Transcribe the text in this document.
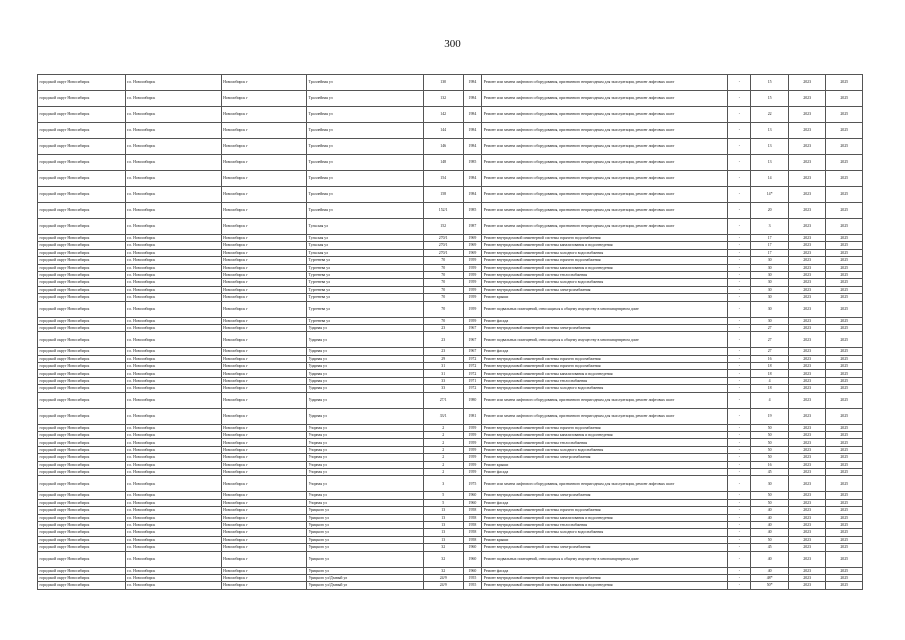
300
городской округ Новосибирск	г.о. Новосибирск	Новосибирск г	Троллейная ул	130	1984	Ремонт или замена лифтового оборудования, признанного непригодным для эксплуатации, ремонт лифтовых шахт	-	15	2023	2025
городской округ Новосибирск	г.о. Новосибирск	Новосибирск г	Троллейная ул	132	1984	Ремонт или замена лифтового оборудования, признанного непригодным для эксплуатации, ремонт лифтовых шахт	-	15	2023	2025
городской округ Новосибирск	г.о. Новосибирск	Новосибирск г	Троллейная ул	142	1984	Ремонт или замена лифтового оборудования, признанного непригодным для эксплуатации, ремонт лифтовых шахт	-	22	2023	2025
городской округ Новосибирск	г.о. Новосибирск	Новосибирск г	Троллейная ул	144	1984	Ремонт или замена лифтового оборудования, признанного непригодным для эксплуатации, ремонт лифтовых шахт	-	13	2023	2025
городской округ Новосибирск	г.о. Новосибирск	Новосибирск г	Троллейная ул	146	1984	Ремонт или замена лифтового оборудования, признанного непригодным для эксплуатации, ремонт лифтовых шахт	-	13	2023	2025
городской округ Новосибирск	г.о. Новосибирск	Новосибирск г	Троллейная ул	148	1985	Ремонт или замена лифтового оборудования, признанного непригодным для эксплуатации, ремонт лифтовых шахт	-	13	2023	2025
городской округ Новосибирск	г.о. Новосибирск	Новосибирск г	Троллейная ул	154	1984	Ремонт или замена лифтового оборудования, признанного непригодным для эксплуатации, ремонт лифтовых шахт	-	14	2023	2025
городской округ Новосибирск	г.о. Новосибирск	Новосибирск г	Троллейная ул	158	1984	Ремонт или замена лифтового оборудования, признанного непригодным для эксплуатации, ремонт лифтовых шахт	-	14*	2023	2025
городской округ Новосибирск	г.о. Новосибирск	Новосибирск г	Троллейная ул	152/1	1985	Ремонт или замена лифтового оборудования, признанного непригодным для эксплуатации, ремонт лифтовых шахт	-	20	2023	2025
городской округ Новосибирск	г.о. Новосибирск	Новосибирск г	Тульская ул	152	1987	Ремонт или замена лифтового оборудования, признанного непригодным для эксплуатации, ремонт лифтовых шахт	-	3	2023	2025
городской округ Новосибирск	г.о. Новосибирск	Новосибирск г	Тульская ул	270/1	1969	Ремонт внутридомовой инженерной системы горячего водоснабжения	-	17	2023	2025
городской округ Новосибирск	г.о. Новосибирск	Новосибирск г	Тульская ул	270/1	1969	Ремонт внутридомовой инженерной системы канализования и водоотведения	-	17	2023	2025
городской округ Новосибирск	г.о. Новосибирск	Новосибирск г	Тульская ул	270/1	1969	Ремонт внутридомовой инженерной системы холодного водоснабжения	-	17	2023	2025
городской округ Новосибирск	г.о. Новосибирск	Новосибирск г	Тургенева ул	70	1959	Ремонт внутридомовой инженерной системы горячего водоснабжения	-	30	2023	2025
городской округ Новосибирск	г.о. Новосибирск	Новосибирск г	Тургенева ул	70	1959	Ремонт внутридомовой инженерной системы канализования и водоотведения	-	30	2023	2025
городской округ Новосибирск	г.о. Новосибирск	Новосибирск г	Тургенева ул	70	1959	Ремонт внутридомовой инженерной системы теплоснабжения	-	30	2023	2025
городской округ Новосибирск	г.о. Новосибирск	Новосибирск г	Тургенева ул	70	1959	Ремонт внутридомовой инженерной системы холодного водоснабжения	-	30	2023	2025
городской округ Новосибирск	г.о. Новосибирск	Новосибирск г	Тургенева ул	70	1959	Ремонт внутридомовой инженерной системы электроснабжения	-	30	2023	2025
городской округ Новосибирск	г.о. Новосибирск	Новосибирск г	Тургенева ул	70	1959	Ремонт крыши	-	30	2023	2025
городской округ Новосибирск	г.о. Новосибирск	Новосибирск г	Тургенева ул	70	1959	Ремонт подвальных помещений, относящихся к общему имуществу в многоквартирном доме	-	30	2023	2025
городской округ Новосибирск	г.о. Новосибирск	Новосибирск г	Тургенева ул	70	1959	Ремонт фасада	-	30	2023	2025
городской округ Новосибирск	г.о. Новосибирск	Новосибирск г	Ударная ул	23	1967	Ремонт внутридомовой инженерной системы электроснабжения	-	27	2023	2025
городской округ Новосибирск	г.о. Новосибирск	Новосибирск г	Ударная ул	23	1967	Ремонт подвальных помещений, относящихся к общему имуществу в многоквартирном доме	-	27	2023	2025
городской округ Новосибирск	г.о. Новосибирск	Новосибирск г	Ударная ул	23	1967	Ремонт фасада	-	27	2023	2025
городской округ Новосибирск	г.о. Новосибирск	Новосибирск г	Ударная ул	29	1972	Ремонт внутридомовой инженерной системы горячего водоснабжения	-	16	2023	2025
городской округ Новосибирск	г.о. Новосибирск	Новосибирск г	Ударная ул	31	1972	Ремонт внутридомовой инженерной системы горячего водоснабжения	-	18	2023	2025
городской округ Новосибирск	г.о. Новосибирск	Новосибирск г	Ударная ул	31	1972	Ремонт внутридомовой инженерной системы канализования и водоотведения	-	18	2023	2025
городской округ Новосибирск	г.о. Новосибирск	Новосибирск г	Ударная ул	33	1971	Ремонт внутридомовой инженерной системы теплоснабжения	-	4	2023	2025
городской округ Новосибирск	г.о. Новосибирск	Новосибирск г	Ударная ул	33	1972	Ремонт внутридомовой инженерной системы холодного водоснабжения	-	18	2023	2025
городской округ Новосибирск	г.о. Новосибирск	Новосибирск г	Ударная ул	27/1	1980	Ремонт или замена лифтового оборудования, признанного непригодным для эксплуатации, ремонт лифтовых шахт	-	4	2023	2025
городской округ Новосибирск	г.о. Новосибирск	Новосибирск г	Ударная ул	33/1	1981	Ремонт или замена лифтового оборудования, признанного непригодным для эксплуатации, ремонт лифтовых шахт	-	19	2023	2025
городской округ Новосибирск	г.о. Новосибирск	Новосибирск г	Узорная ул	2	1959	Ремонт внутридомовой инженерной системы горячего водоснабжения	-	50	2023	2025
городской округ Новосибирск	г.о. Новосибирск	Новосибирск г	Узорная ул	2	1959	Ремонт внутридомовой инженерной системы канализования и водоотведения	-	50	2023	2025
городской округ Новосибирск	г.о. Новосибирск	Новосибирск г	Узорная ул	2	1959	Ремонт внутридомовой инженерной системы теплоснабжения	-	50	2023	2025
городской округ Новосибирск	г.о. Новосибирск	Новосибирск г	Узорная ул	2	1959	Ремонт внутридомовой инженерной системы холодного водоснабжения	-	50	2023	2025
городской округ Новосибирск	г.о. Новосибирск	Новосибирск г	Узорная ул	2	1959	Ремонт внутридомовой инженерной системы электроснабжения	-	50	2023	2025
городской округ Новосибирск	г.о. Новосибирск	Новосибирск г	Узорная ул	2	1959	Ремонт крыши	-	16	2023	2025
городской округ Новосибирск	г.о. Новосибирск	Новосибирск г	Узорная ул	2	1959	Ремонт фасада	-	45	2023	2025
городской округ Новосибирск	г.о. Новосибирск	Новосибирск г	Узорная ул	3	1975	Ремонт или замена лифтового оборудования, признанного непригодным для эксплуатации, ремонт лифтовых шахт	-	30	2023	2025
городской округ Новосибирск	г.о. Новосибирск	Новосибирск г	Узорная ул	5	1960	Ремонт внутридомовой инженерной системы электроснабжения	-	50	2023	2025
городской округ Новосибирск	г.о. Новосибирск	Новосибирск г	Узорная ул	5	1960	Ремонт фасада	-	50	2023	2025
городской округ Новосибирск	г.о. Новосибирск	Новосибирск г	Урицкого ул	13	1958	Ремонт внутридомовой инженерной системы горячего водоснабжения	-	40	2023	2025
городской округ Новосибирск	г.о. Новосибирск	Новосибирск г	Урицкого ул	13	1958	Ремонт внутридомовой инженерной системы канализования и водоотведения	-	40	2023	2025
городской округ Новосибирск	г.о. Новосибирск	Новосибирск г	Урицкого ул	13	1958	Ремонт внутридомовой инженерной системы теплоснабжения	-	40	2023	2025
городской округ Новосибирск	г.о. Новосибирск	Новосибирск г	Урицкого ул	13	1958	Ремонт внутридомовой инженерной системы холодного водоснабжения	-	40	2023	2025
городской округ Новосибирск	г.о. Новосибирск	Новосибирск г	Урицкого ул	13	1958	Ремонт крыши	-	50	2023	2025
городской округ Новосибирск	г.о. Новосибирск	Новосибирск г	Урицкого ул	32	1960	Ремонт внутридомовой инженерной системы электроснабжения	-	45	2023	2025
городской округ Новосибирск	г.о. Новосибирск	Новосибирск г	Урицкого ул	32	1960	Ремонт подвальных помещений, относящихся к общему имуществу в многоквартирном доме	-	40	2023	2025
городской округ Новосибирск	г.о. Новосибирск	Новосибирск г	Урицкого ул	32	1960	Ремонт фасада	-	40	2023	2025
городской округ Новосибирск	г.о. Новосибирск	Новосибирск г	Урицкого ул/Дзавый ул	24/9	1955	Ремонт внутридомовой инженерной системы горячего водоснабжения	-	48*	2023	2025
городской округ Новосибирск	г.о. Новосибирск	Новосибирск г	Урицкого ул/Дзавый ул	24/9	1955	Ремонт внутридомовой инженерной системы канализования и водоотведения	-	50*	2023	2025
